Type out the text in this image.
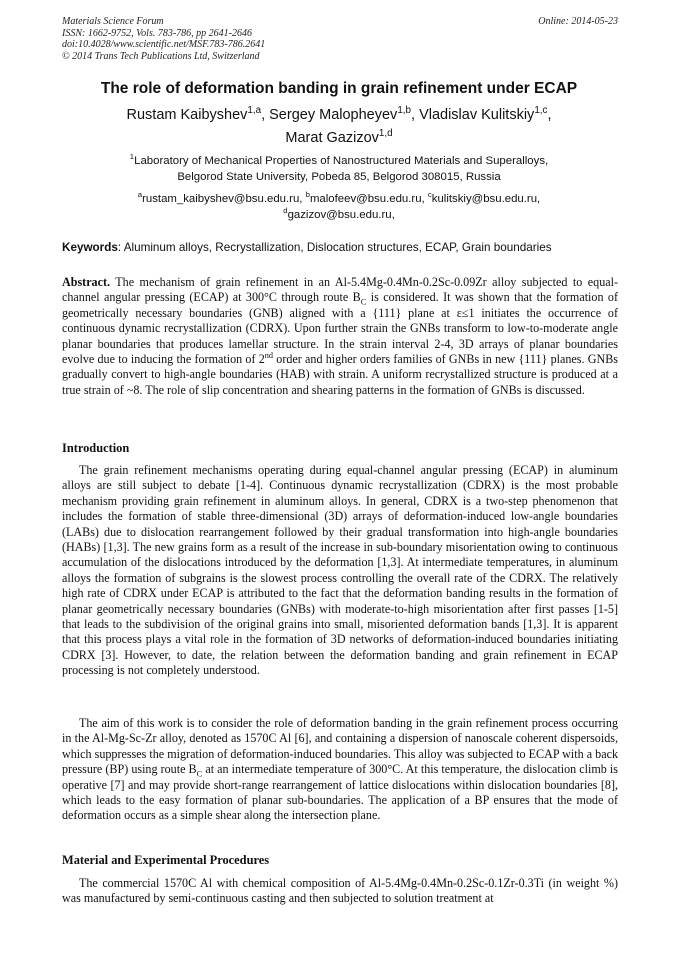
Materials Science Forum
ISSN: 1662-9752, Vols. 783-786, pp 2641-2646
doi:10.4028/www.scientific.net/MSF.783-786.2641
© 2014 Trans Tech Publications Ltd, Switzerland
Online: 2014-05-23
The role of deformation banding in grain refinement under ECAP
Rustam Kaibyshev$^{1,a}$, Sergey Malopheyev$^{1,b}$, Vladislav Kulitskiy$^{1,c}$,
Marat Gazizov$^{1,d}$
$^1$Laboratory of Mechanical Properties of Nanostructured Materials and Superalloys,
Belgorod State University, Pobeda 85, Belgorod 308015, Russia
$^a$rustam_kaibyshev@bsu.edu.ru, $^b$malofeev@bsu.edu.ru, $^c$kulitskiy@bsu.edu.ru,
$^d$gazizov@bsu.edu.ru,
Keywords: Aluminum alloys, Recrystallization, Dislocation structures, ECAP, Grain boundaries
Abstract. The mechanism of grain refinement in an Al-5.4Mg-0.4Mn-0.2Sc-0.09Zr alloy subjected to equal-channel angular pressing (ECAP) at 300°C through route $B_C$ is considered. It was shown that the formation of geometrically necessary boundaries (GNB) aligned with a {111} plane at ε≤1 initiates the occurrence of continuous dynamic recrystallization (CDRX). Upon further strain the GNBs transform to low-to-moderate angle planar boundaries that produces lamellar structure. In the strain interval 2-4, 3D arrays of planar boundaries evolve due to inducing the formation of 2nd order and higher orders families of GNBs in new {111} planes. GNBs gradually convert to high-angle boundaries (HAB) with strain. A uniform recrystallized structure is produced at a true strain of ~8. The role of slip concentration and shearing patterns in the formation of GNBs is discussed.
Introduction
The grain refinement mechanisms operating during equal-channel angular pressing (ECAP) in aluminum alloys are still subject to debate [1-4]. Continuous dynamic recrystallization (CDRX) is the most probable mechanism providing grain refinement in aluminum alloys. In general, CDRX is a two-step phenomenon that includes the formation of stable three-dimensional (3D) arrays of deformation-induced low-angle boundaries (LABs) due to dislocation rearrangement followed by their gradual transformation into high-angle boundaries (HABs) [1,3]. The new grains form as a result of the increase in sub-boundary misorientation owing to continuous accumulation of the dislocations introduced by the deformation [1,3]. At intermediate temperatures, in aluminum alloys the formation of subgrains is the slowest process controlling the overall rate of the CDRX. The relatively high rate of CDRX under ECAP is attributed to the fact that the deformation banding results in the formation of planar geometrically necessary boundaries (GNBs) with moderate-to-high misorientation after first passes [1-5] that leads to the subdivision of the original grains into small, misoriented deformation bands [1,3]. It is apparent that this process plays a vital role in the formation of 3D networks of deformation-induced boundaries initiating CDRX [3]. However, to date, the relation between the deformation banding and grain refinement in ECAP processing is not completely understood.
The aim of this work is to consider the role of deformation banding in the grain refinement process occurring in the Al-Mg-Sc-Zr alloy, denoted as 1570C Al [6], and containing a dispersion of nanoscale coherent dispersoids, which suppresses the migration of deformation-induced boundaries. This alloy was subjected to ECAP with a back pressure (BP) using route $B_C$ at an intermediate temperature of 300°C. At this temperature, the dislocation climb is operative [7] and may provide short-range rearrangement of lattice dislocations within dislocation boundaries [8], which leads to the easy formation of planar sub-boundaries. The application of a BP ensures that the mode of deformation occurs as a simple shear along the intersection plane.
Material and Experimental Procedures
The commercial 1570C Al with chemical composition of Al-5.4Mg-0.4Mn-0.2Sc-0.1Zr-0.3Ti (in weight %) was manufactured by semi-continuous casting and then subjected to solution treatment at
